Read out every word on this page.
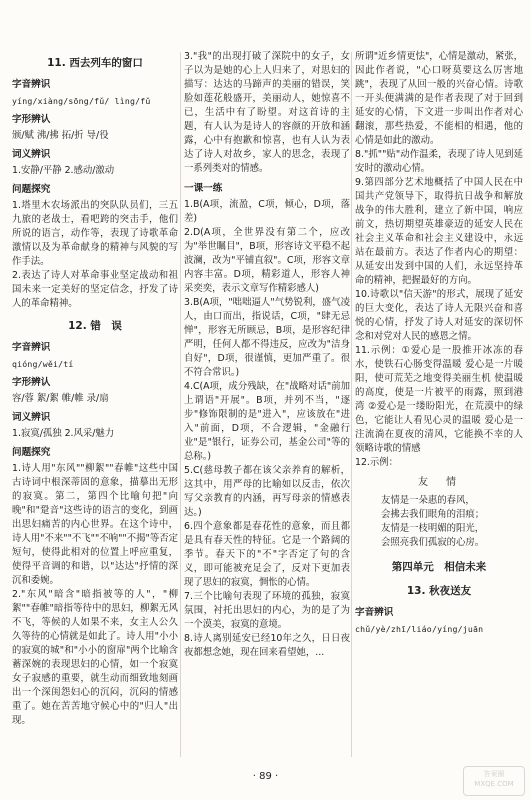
11. 西去列车的窗口
字音辨识
yíng/xiàng/sōng/fǔ/ lìng/fǔ
字形辨认

颁/赋 沸/拂 拓/折 导/役

词义辨识

1.安静/平静 2.感动/激动

问题探究

1.塔里木农场派出的突队队员们，三五九旅的老战士，看吧跨的突击手，他们所说的语言，动作等，表现了诗歌革命激情以及为革命献身的精神与风貌的写作手法。

2.表达了诗人对革命事业坚定战动和祖国未来一定美好的坚定信念，抒发了诗人的革命精神。

12. 错　误
字音辨识
qióng/wěi/tí
字形辨认

容/蓉 絮/絮 帷/帷 录/扇

词义辨识

1.寂寞/孤独 2.风采/魅力

问题探究

1.诗人用"东风""柳絮""春帷"这些中国古诗词中根深蒂固的意象，描摹出无形的寂寞。第二，第四个比喻句把"向晚"和"跫音"这些诗的语言的变化，到画出思妇痛苦的内心世界。在这个诗中，诗人用"不来""不飞""不响""不揭"等否定短句，使得此相对的位置上呼应重复，使得平音调的和谐，以"达达"抒情的深沉和委婉。

2."东风"暗含"暗指被等的人"，"柳絮""春帷"暗指等待中的思妇，柳絮无风不飞，等候的人如果不来，女主人公久久等待的心情就是如此了。诗人用"小小的寂寞的城"和"小小的窗扉"两个比喻含蓄深婉的表现思妇的心情，如一个寂寞女子寂感的重要，就生动而细致地刻画出一个深闺怨妇心的沉闷，沉闷的情感重了。她在苦苦地守候心中的"归人"出现。

3."我"的出现打破了深院中的女子，女子以为是她的心上人归来了，对思妇的描写：达达的马蹄声的美丽的错误，笑脸如莲花般盛开，美丽动人，她惊喜不已，生活中有了盼望。对这首诗的主题，有人认为是诗人的容颜的开放和涵露，心中有抱歉和惊喜，也有人认为表达了诗人对故乡，家人的思念，表现了一系列类对的情感。

一课一练

1.B(A项，流盈，C项，倾心，D项，落差)

2.D(A项，全世界没有第二个，应改为"举世瞩目"，B项，形容诗文平稳不起波澜，改为"平铺直叙"。C项，形容文章内容丰富。D项，精彩道人，形容人神采奕奕，表示文章写作精彩感人)

3.B(A项，"咄咄逼人"气势锐利，盛气凌人，由口而出，指说话，C项，"肆无忌惮"，形容无所顾忌，B项，是形容纪律严明，任何人都不得违反，应改为"洁身自好"，D项，很谨慎，更加严重了。很不符合常识。)

4.C(A项，成分残缺，在"战略对话"前加上谓语"开展"。B项，并列不当，"逐步"修饰限制的是"进入"，应该放在"进入"前面，D项，不合逻辑，"金融行业"是"银行，证券公司，基金公司"等的总称。)

5.C(慈母教子都在该父亲养育的解析，这其中，用严母的比喻如以反击，依次写父亲教育的内涵，再写母亲的情感表达。)

6.四个意象都是春花性的意象，而且都是具有春天性的特征。它是一个路阔的季节。春天下的"不"字否定了句的含义，即可能被充足会了，反对下更加表现了思妇的寂寞，惆怅的心情。

7.三个比喻句表现了环境的孤独，寂寞氛围，衬托出思妇的内心，为的是了为一个漠美，寂寞的意境。

8.诗人离别延安已经10年之久，日日夜夜都想念她，现在回来看望她，...

所谓"近乡情更怯"，心情是激动，紧张，因此作者说，"心口呀莫要这么厉害地跳"，表现了从回一般的兴奋心情。诗歌一开头便满满的是作者表现了对于回到延安的心情，下文进一步叫出作者对心翻滚，那些热爱，不能相的相遇，他的心情是如此的激动。

8."抓""贴"动作温柔，表现了诗人见到延安时的激动心情。

9.第四部分艺术地概括了中国人民在中国共产党领导下，取得抗日战争和解放战争的伟大胜利，建立了新中国，响应前文，热切期望英雄豪迈的延安人民在社会主义革命和社会主义建设中，永远站在最前方。表达了作者内心的期望：从延安出发到中国的人们，永远坚持革命的精神，把握最好的方向。

10.诗歌以"信天游"的形式，展现了延安的巨大变化，表达了诗人无限兴奋和喜悦的心情，抒发了诗人对延安的深切怀念和对党对人民的感恩之情。

11.示例：①爱心是一股推开冰冻的春水，使铁石心肠变得温暖 爱心是一片暖阳，使可荒芜之地变得美丽生机 使温暖的高度，使是一片被平的雨露，照到港湾 ②爱心是一缕盼阳光，在荒漠中的绿色，它能让人看见心灵的温暖 爱心是一注流淌在夏夜的清风，它能换不幸的人领略诗歌的情感

12.示例：

友　情

友情是一朵惠的春风，

会拂去我们眼角的泪痕；

友情是一枝明媚的阳光，

会照亮我们孤寂的心房。

第四单元　相信未来
13. 秋夜送友
字音辨识
chǔ/yè/zhī/liáo/yíng/juān
· 89 ·	答案圈 MXQE.COM
